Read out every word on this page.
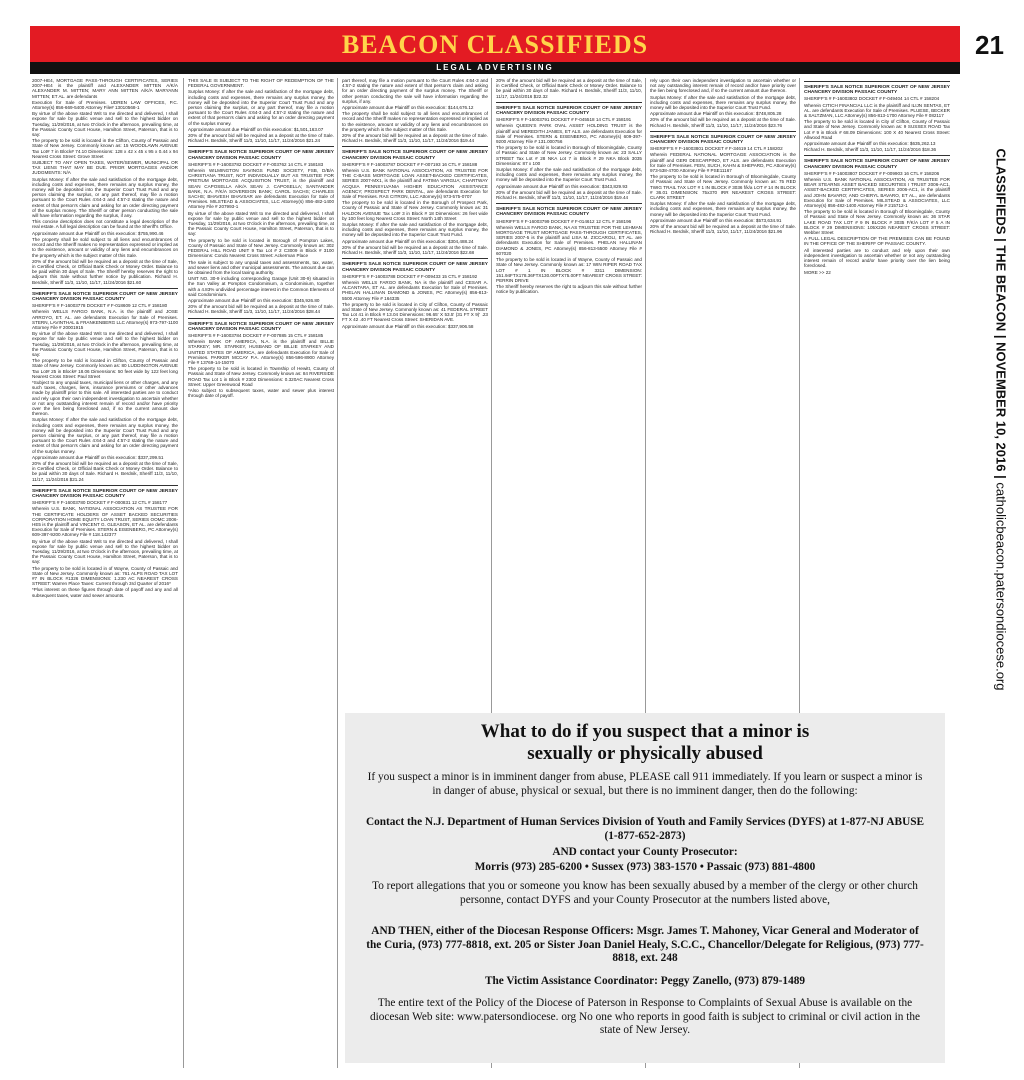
BEACON CLASSIFIEDS	21
LEGAL ADVERTISING
CLASSIFIEDS | THE BEACON | NOVEMBER 10, 2016 | catholicbeacon.patersondiocese.org

2007-HE4, MORTGAGE PASS-THROUGH CERTIFICATES, SERIES 2007-HE4 is the plaintiff and ALEXANDER MITTEN A/K/A ALEXANDER M. MITTEN; MARY ANN MITTEN A/K/A MARYANN MITTEN; ET AL. are defendants

Execution for Sale of Premises. UDREN LAW OFFICES, P.C. Attorney(s) 856-669-5400 Attorney File# 13010568-1

By virtue of the above stated Writ to me directed and delivered, I shall expose for sale by public venue and sell to the highest bidder on Tuesday, 11/29/2016, at two O'clock in the afternoon, prevailing time, at the Passaic County Court House, Hamilton Street, Paterson, that is to say:

The property to be sold is located in the Clifton, County of Passaic and State of New Jersey. Commonly known as: 15 WOODLAWN AVENUE Tax Lot# 7 in Block# 74.10 Dimensions: 128 x 42 x 45 x 95 x 0.44 x 94 Nearest Cross Street: Grove Street

SUBJECT TO ANY OPEN TAXES, WATER/SEWER, MUNICIPAL OR TAX LIENS THAT MAY BE DUE. PRIOR MORTGAGES AND/OR JUDGMENTS: N/A

Surplus Money: If after the sale and satisfaction of the mortgage debt, including costs and expenses, there remains any surplus money, the money will be deposited into the Superior Court Trust Fund and any person claiming the surplus, or any part thereof, may file a motion pursuant to the Court Rules 4:64-3 and 4:57-2 stating the nature and extent of that person's claim and asking for an order directing payment of the surplus money. The Sheriff or other person conducting the sale will have information regarding the surplus, if any.

This concise description does not constitute a legal description of the real estate. A full legal description can be found at the Sheriff's Office.

Approximate amount due Plaintiff on this execution: $755,990.46

The property shall be sold subject to all liens and encumbrances of record and the Sheriff makes no representation expressed or implied as to the existence, amount or validity of any liens and encumbrances on the property which is the subject matter of this Sale.

20% of the amount bid will be required as a deposit at the time of Sale, in Certified Check, or Official Bank Check or Money Order. Balance to be paid within 30 days of Sale. The Sheriff hereby reserves the right to adjourn this Sale without further notice by publication. Richard H. Berdnik, Sheriff 11/3, 11/10, 11/17, 11/24/2016 $21.60

SHERIFF'S SALE NOTICE SUPERIOR COURT OF NEW JERSEY CHANCERY DIVISION PASSAIC COUNTY

SHERIFF'S # F-16003778 DOCKET # F-018609 12 CTL # 158180

Wherein WELLS FARGO BANK, N.A. is the plaintiff and JOSE ARROYO, ET. AL. are defendants Execution for Sale of Premises. STERN, LAVINTHAL & FRANKENBERG LLC Attorney(s) 973-797-1100 Attorney File # 20001915

By virtue of the above stated Writ to me directed and delivered, I shall expose for sale by public venue and sell to the highest bidder on Tuesday, 11/29/2016, at two O'clock in the afternoon, prevailing time, at the Passaic County Court House, Hamilton Street, Paterson, that is to say:

The property to be sold is located in Clifton, County of Passaic and State of New Jersey. Commonly known as: 80 LUDDINGTON AVENUE Tax Lot# 25 in Block# 18.06 Dimensions: 50 feet wide by 122 feet long Nearest Cross Street: Paul Street

*Subject to any unpaid taxes, municipal liens or other charges, and any such taxes, charges, liens, insurance premiums or other advances made by plaintiff prior to this sale. All interested parties are to conduct and rely upon their own independent investigation to ascertain whether or not any outstanding interest remain of record and/or have priority over the lien being foreclosed and, if so the current amount due thereon.

Surplus Money: If after the sale and satisfaction of the mortgage debt, including costs and expenses, there remains any surplus money, the money will be deposited into the Superior Court Trust Fund and any person claiming the surplus, or any part thereof, may file a motion pursuant to the Court Rules 4:64-3 and 4:57-2 stating the nature and extent of that person's claim and asking for an order directing payment of the surplus money.

Approximate amount due Plaintiff on this execution: $337,299.51

20% of the amount bid will be required as a deposit at the time of Sale, in Certified Check, or Official Bank Check or Money Order. Balance to be paid within 30 days of Sale. Richard H. Berdnik, Sheriff 11/3, 11/10, 11/17, 11/24/2016 $21.24

SHERIFF'S SALE NOTICE SUPERIOR COURT OF NEW JERSEY CHANCERY DIVISION PASSAIC COUNTY

SHERIFF'S # F-16003780 DOCKET # F-000831 12 CTL # 158177

Wherein U.S. BANK, NATIONAL ASSOCIATION AS TRUSTEE FOR THE CERTIFICATE HOLDERS OF ASSET BACKED SECURITIES CORPORATION HOME EQUITY LOAN TRUST, SERIES OOMC 2006-HE5 is the plaintiff and VINCENT G. GLEASON, ET AL. are defendants Execution for Sale of Premises. STERN & EISENBERG, PC Attorney(s) 609-397-9200 Attorney File # 118.142377

By virtue of the above stated Writ to me directed and delivered, I shall expose for sale by public venue and sell to the highest bidder on Tuesday, 11/29/2016, at two O'clock in the afternoon, prevailing time, at the Passaic County Court House, Hamilton Street, Paterson, that is to say:

The property to be sold is located in of Wayne, County of Passaic and State of New Jersey. Commonly known as: 761 ALPS ROAD TAX LOT #7 IN BLOCK #1326 DIMENSIONS: 1.230 AC NEAREST CROSS STREET: Warren Place Taxes: Current through 3rd Quarter of 2016*

*Plus interest on these figures through date of payoff and any and all subsequent taxes, water and sewer amounts.

THIS SALE IS SUBJECT TO THE RIGHT OF REDEMPTION OF THE FEDERAL GOVERNMENT.

Surplus Money: If after the sale and satisfaction of the mortgage debt, including costs and expenses, there remains any surplus money, the money will be deposited into the Superior Court Trust Fund and any person claiming the surplus, or any part thereof, may file a motion pursuant to the Court Rules 4:64-3 and 4:57-2 stating the nature and extent of that person's claim and asking for an order directing payment of the surplus money.

Approximate amount due Plaintiff on this execution: $1,501,163.07

20% of the amount bid will be required as a deposit at the time of Sale. Richard H. Berdnik, Sheriff 11/3, 11/10, 11/17, 11/24/2016 $21.24

SHERIFF'S SALE NOTICE SUPERIOR COURT OF NEW JERSEY CHANCERY DIVISION PASSAIC COUNTY

SHERIFF'S # F-16003782 DOCKET # F-003762 14 CTL # 158183

Wherein WILMINGTON SAVINGS FUND SOCIETY, FSB, D/B/A CHRISTIANA TRUST, NOT INDIVIDUALLY BUT AS TRUSTEE FOR PRETIUM MORTGAGE ACQUISITION TRUST, is the plaintiff and SEAN CAPOSELLA A/K/A SEAN J. CAPOSELLA; SANTANDER BANK, N.A. F/K/A SOVEREIGN BANK; CAROL SACHS; CHARLES SACHS; BHAVESH BHAVSAR are defendants Execution for Sale of Premises. MILSTEAD & ASSOCIATES, LLC Attorney(s) 856-482-1400 Attorney File # 207993-1

By virtue of the above stated Writ to me directed and delivered, I shall expose for sale by public venue and sell to the highest bidder on Tuesday, 11/29/2016, at two O'clock in the afternoon, prevailing time, at the Passaic County Court House, Hamilton Street, Paterson, that is to say:

The property to be sold is located in Borough of Pompton Lakes, County of Passaic and State of New Jersey. Commonly known as: 302 FEDERAL HILL ROAD UNIT 9 Tax Lot # 2 C3009 in Block # 3100 Dimensions: Condo Nearest Cross Street: Ackerman Place

The sale is subject to any unpaid taxes and assessments, tax, water, and sewer liens and other municipal assessments. The amount due can be obtained from the local taxing authority.

UNIT NO. 30-9 including corresponding Garage (Unit 30-9) situated in the Sun Valley at Pompton Condominium, a Condominium, together with a 4.83% undivided percentage interest in the Common Elements of said Condominium.

Approximate amount due Plaintiff on this execution: $345,926.80

20% of the amount bid will be required as a deposit at the time of Sale. Richard H. Berdnik, Sheriff 11/3, 11/10, 11/17, 11/24/2016 $28.44

SHERIFF'S SALE NOTICE SUPERIOR COURT OF NEW JERSEY CHANCERY DIVISION PASSAIC COUNTY

SHERIFF'S # F-16003784 DOCKET # F-007885 15 CTL # 158185

Wherein BANK OF AMERICA, N.A. is the plaintiff and BILLIE STARKEY; MR. STARKEY, HUSBAND OF BILLIE STARKEY AND UNITED STATES OF AMERICA, are defendants Execution for Sale of Premises. PARKER MCCAY P.A. Attorney(s) 856-596-8900 Attorney File # 13769-14-15070

The property to be sold is located in Township of Hewitt, County of Passaic and State of New Jersey. Commonly known as: 84 RIVERSIDE ROAD Tax Lot 1 in Block # 2302 Dimensions: 0.320AC Nearest Cross Street: Upper Greenwood Road

*Also subject to subsequent taxes, water and sewer plus interest through date of payoff.

part thereof, may file a motion pursuant to the Court Rules 4:64-3 and 4:57-2 stating the nature and extent of that person's claim and asking for an order directing payment of the surplus money. The Sheriff or other person conducting the sale will have information regarding the surplus, if any.

Approximate amount due Plaintiff on this execution: $144,676.12

The property shall be sold subject to all liens and encumbrances of record and the Sheriff makes no representation expressed or implied as to the existence, amount or validity of any liens and encumbrances on the property which is the subject matter of this Sale.

20% of the amount bid will be required as a deposit at the time of Sale. Richard H. Berdnik, Sheriff 11/3, 11/10, 11/17, 11/24/2016 $19.44

SHERIFF'S SALE NOTICE SUPERIOR COURT OF NEW JERSEY CHANCERY DIVISION PASSAIC COUNTY

SHERIFF'S # F-16003787 DOCKET # F-007193 16 CTL # 158188

Wherein U.S. BANK NATIONAL ASSOCIATION, AS TRUSTEE FOR THE C-BASS MORTGAGE LOAN ASSET-BACKED CERTIFICATES, SERIES 2007-MX1, is the plaintiff and FATIMA VARGUA; CHARTWAY ACQUIA PENNSYLVANIA HIGHER EDUCATION ASSISTANCE AGENCY; PROSPECT PARK DENTAL, are defendants Execution for Sale of Premises. RAS CITRON, LLC Attorney(s) 973-575-0707

The property to be sold is located in the Borough of Prospect Park, County of Passaic and State of New Jersey. Commonly known as: 31 HALDON AVENUE Tax Lot# 3 in Block # 18 Dimensions: 26 feet wide by 100 feet long Nearest Cross Street: North 14th Street

Surplus Money: If after the sale and satisfaction of the mortgage debt, including costs and expenses, there remains any surplus money, the money will be deposited into the Superior Court Trust Fund.

Approximate amount due Plaintiff on this execution: $304,488.24

20% of the amount bid will be required as a deposit at the time of Sale. Richard H. Berdnik, Sheriff 11/3, 11/10, 11/17, 11/24/2016 $22.68

SHERIFF'S SALE NOTICE SUPERIOR COURT OF NEW JERSEY CHANCERY DIVISION PASSAIC COUNTY

SHERIFF'S # F-16003788 DOCKET # F-009433 15 CTL # 158192

Wherein WELLS FARGO BANK, NA is the plaintiff and CESAR A. ALCANTARA, ET AL. are defendants Execution for Sale of Premises. PHELAN HALLINAN DIAMOND & JONES, PC Attorney(s) 856-813-5500 Attorney File # 164335

The property to be sold is located in City of Clifton, County of Passaic and State of New Jersey. Commonly known as: 41 FEDERAL STREET Tax Lot 41 in Block # 13.04 Dimensions: 96.65' X 53.5' (31 FT X 9)' .23 FT X 42 .40 FT Nearest Cross Street: SHERIDAN AVE.

Approximate amount due Plaintiff on this execution: $337,906.58

20% of the amount bid will be required as a deposit at the time of Sale, in Certified Check, or Official Bank Check or Money Order. Balance to be paid within 30 days of Sale. Richard H. Berdnik, Sheriff 11/3, 11/10, 11/17, 11/24/2016 $22.32

SHERIFF'S SALE NOTICE SUPERIOR COURT OF NEW JERSEY CHANCERY DIVISION PASSAIC COUNTY

SHERIFF'S # F-16003791 DOCKET # F-045518 14 CTL # 158191

Wherein QUEEN'S PARK OVAL ASSET HOLDING TRUST is the plaintiff and MEREDITH JANIES, ET ALS. are defendants Execution for Sale of Premises. STERN & EISENBERG, PC Attorney(s) 609-397-9200 Attorney File # 131.000756

The property to be sold is located in Borough of Bloomingdale, County of Passaic and State of New Jersey. Commonly known as: 23 SALLY STREET Tax Lot # 28 NKA Lot 7 in Block # 29 NKA Block 3035 Dimensions: 87 x 100

Surplus Money: If after the sale and satisfaction of the mortgage debt, including costs and expenses, there remains any surplus money, the money will be deposited into the Superior Court Trust Fund.

Approximate amount due Plaintiff on this execution: $343,829.93

20% of the amount bid will be required as a deposit at the time of Sale. Richard H. Berdnik, Sheriff 11/3, 11/10, 11/17, 11/24/2016 $19.44

SHERIFF'S SALE NOTICE SUPERIOR COURT OF NEW JERSEY CHANCERY DIVISION PASSAIC COUNTY

SHERIFF'S # F-16003799 DOCKET # F-014612 12 CTL # 158196

Wherein WELLS FARGO BANK, NA AS TRUSTEE FOR THE LEHMAN MORTGAGE TRUST MORTGAGE PASS-THROUGH CERTIFICATES, SERIES 2007-5 is the plaintiff and LISA M. ZICCAROLI, ET AL. are defendants Execution for Sale of Premises. PHELAN HALLINAN DIAMOND & JONES, PC Attorney(s) 856-813-5500 Attorney File # 607020

The property to be sold is located in of Wayne, County of Passaic and State of New Jersey. Commonly known as: 17 WIN RIPER ROAD TAX LOT # 1 IN BLOCK # 3311 DIMENSION: 151.94FTX178.36FTX130.00FTX75.00FT NEAREST CROSS STREET: PERRIN DRIVE

The Sheriff hereby reserves the right to adjourn this sale without further notice by publication.

rely upon their own independent investigation to ascertain whether or not any outstanding interest remain of record and/or have priority over the lien being foreclosed and, if so the current amount due thereon.

Surplus Money: If after the sale and satisfaction of the mortgage debt, including costs and expenses, there remains any surplus money, the money will be deposited into the Superior Court Trust Fund.

Approximate amount due Plaintiff on this execution: $748,805.28

20% of the amount bid will be required as a deposit at the time of Sale. Richard H. Berdnik, Sheriff 11/3, 11/10, 11/17, 11/24/2016 $23.76

SHERIFF'S SALE NOTICE SUPERIOR COURT OF NEW JERSEY CHANCERY DIVISION PASSAIC COUNTY

SHERIFF'S # F-16003801 DOCKET # F-34619 14 CTL # 158202

Wherein FEDERAL NATIONAL MORTGAGE ASSOCIATION is the plaintiff and GERI DESCARPINO, ET ALS. are defendants Execution for Sale of Premises. FEIN, SUCH, KAHN & SHEPARD, PC Attorney(s) 973-538-4700 Attorney File # PSE11167

The property to be sold is located in Borough of Bloomingdale, County of Passaic and State of New Jersey. Commonly known as: 75 RED TWIG TRAIL TAX LOT # 1 IN BLOCK # 3036 f/k/a LOT # 14 IN BLOCK # 36.01 DIMENSION: 75x370 IRR NEAREST CROSS STREET: CLARK STREET

Surplus Money: If after the sale and satisfaction of the mortgage debt, including costs and expenses, there remains any surplus money, the money will be deposited into the Superior Court Trust Fund.

Approximate amount due Plaintiff on this execution: $573,634.91

20% of the amount bid will be required as a deposit at the time of Sale. Richard H. Berdnik, Sheriff 11/3, 11/10, 11/17, 11/24/2016 $21.96

SHERIFF'S SALE NOTICE SUPERIOR COURT OF NEW JERSEY CHANCERY DIVISION PASSAIC COUNTY

SHERIFF'S # F-16003802 DOCKET # F-049404 14 CTL # 158204

Wherein CITICH FINANCIAL LLC is the plaintiff and ILIJN SENTAS, ET AL. are defendants Execution for Sale of Premises. PLUESE, BECKER & SALTZMAN, LLC Attorney(s) 856-813-1700 Attorney File # 082117

The property to be sold is located in City of Clifton, County of Passaic and State of New Jersey. Commonly known as: 9 SUSSEX ROAD Tax Lot # 9 in Block # 68.09 Dimensions: 100 X 40 Nearest Cross Street: Allwood Road

Approximate amount due Plaintiff on this execution: $635,262.13

Richard H. Berdnik, Sheriff 11/3, 11/10, 11/17, 11/24/2016 $18.36

SHERIFF'S SALE NOTICE SUPERIOR COURT OF NEW JERSEY CHANCERY DIVISION PASSAIC COUNTY

SHERIFF'S # F-16003807 DOCKET # F-009903 16 CTL # 158206

Wherein U.S. BANK NATIONAL ASSOCIATION, AS TRUSTEE FOR BEAR STEARNS ASSET BACKED SECURITIES I TRUST 2006-AC1, ASSET-BACKED CERTIFICATES, SERIES 2006-AC1, is the plaintiff and JOHN BAVARO; AND CHERYL BAVARO, ET AL., are defendants Execution for Sale of Premises. MILSTEAD & ASSOCIATES, LLC Attorney(s) 856-482-1400 Attorney File # 215712-1

The property to be sold is located in Borough of Bloomingdale, County of Passaic and State of New Jersey. Commonly known as: 36 STAR LAKE ROAD TAX LOT # 9 IN BLOCK # 3035 F/K/A LOT # 5 A IN BLOCK # 29 DIMENSIONS: 105X226 NEAREST CROSS STREET: Webber Street

A FULL LEGAL DESCRIPTION OF THE PREMISES CAN BE FOUND IN THE OFFICE OF THE SHERIFF OF PASSAIC COUNTY.

All interested parties are to conduct and rely upon their own independent investigation to ascertain whether or not any outstanding interest remain of record and/or have priority over the lien being foreclosed.

MORE >> 22

What to do if you suspect that a minor is
sexually or physically abused
If you suspect a minor is in imminent danger from abuse, PLEASE call 911 immediately. If you learn or suspect a minor is in danger of abuse, physical or sexual, but there is no imminent danger, then do the following:
Contact the N.J. Department of Human Services Division of Youth and Family Services (DYFS) at 1-877-NJ ABUSE (1-877-652-2873)
AND contact your County Prosecutor:
Morris (973) 285-6200 • Sussex (973) 383-1570 • Passaic (973) 881-4800
To report allegations that you or someone you know has been sexually abused by a member of the clergy or other church personne, contact DYFS and your County Prosecutor at the numbers listed above,
AND THEN, either of the Diocesan Response Officers: Msgr. James T. Mahoney, Vicar General and Moderator of the Curia, (973) 777-8818, ext. 205 or Sister Joan Daniel Healy, S.C.C., Chancellor/Delegate for Religious, (973) 777-8818, ext. 248
The Victim Assistance Coordinator: Peggy Zanello, (973) 879-1489
The entire text of the Policy of the Diocese of Paterson in Response to Complaints of Sexual Abuse is available on the diocesan Web site: www.patersondiocese. org No one who reports in good faith is subject to criminal or civil action in the state of New Jersey.
